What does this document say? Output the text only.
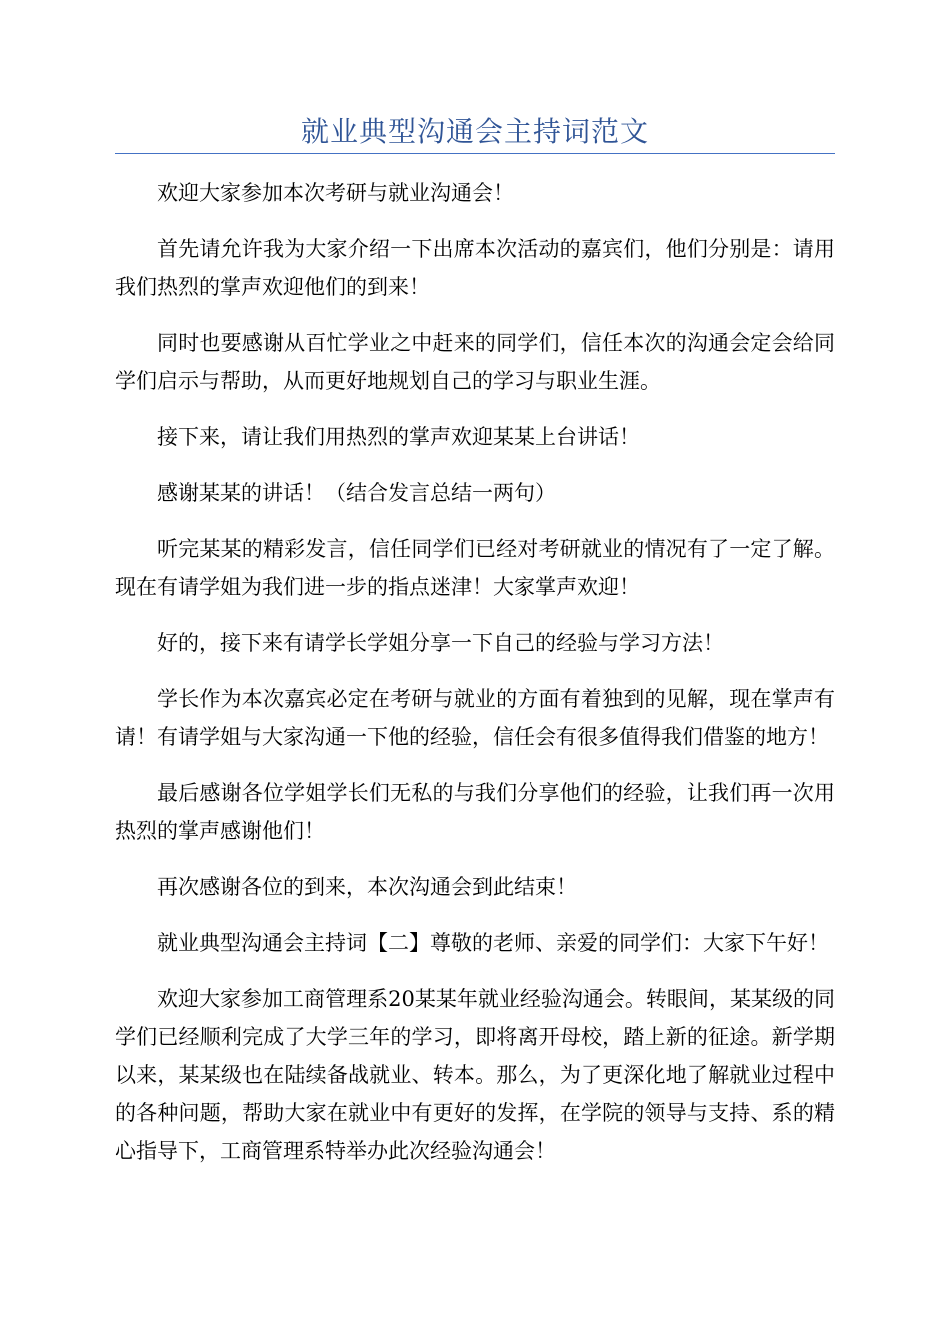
就业典型沟通会主持词范文

欢迎大家参加本次考研与就业沟通会！

首先请允许我为大家介绍一下出席本次活动的嘉宾们，他们分别是：请用我们热烈的掌声欢迎他们的到来！

同时也要感谢从百忙学业之中赶来的同学们，信任本次的沟通会定会给同学们启示与帮助，从而更好地规划自己的学习与职业生涯。

接下来，请让我们用热烈的掌声欢迎某某上台讲话！

感谢某某的讲话！（结合发言总结一两句）

听完某某的精彩发言，信任同学们已经对考研就业的情况有了一定了解。现在有请学姐为我们进一步的指点迷津！大家掌声欢迎！

好的，接下来有请学长学姐分享一下自己的经验与学习方法！

学长作为本次嘉宾必定在考研与就业的方面有着独到的见解，现在掌声有请！有请学姐与大家沟通一下他的经验，信任会有很多值得我们借鉴的地方！

最后感谢各位学姐学长们无私的与我们分享他们的经验，让我们再一次用热烈的掌声感谢他们！

再次感谢各位的到来，本次沟通会到此结束！

就业典型沟通会主持词【二】尊敬的老师、亲爱的同学们：大家下午好！

欢迎大家参加工商管理系20某某年就业经验沟通会。转眼间，某某级的同学们已经顺利完成了大学三年的学习，即将离开母校，踏上新的征途。新学期以来，某某级也在陆续备战就业、转本。那么，为了更深化地了解就业过程中的各种问题，帮助大家在就业中有更好的发挥，在学院的领导与支持、系的精心指导下，工商管理系特举办此次经验沟通会！
